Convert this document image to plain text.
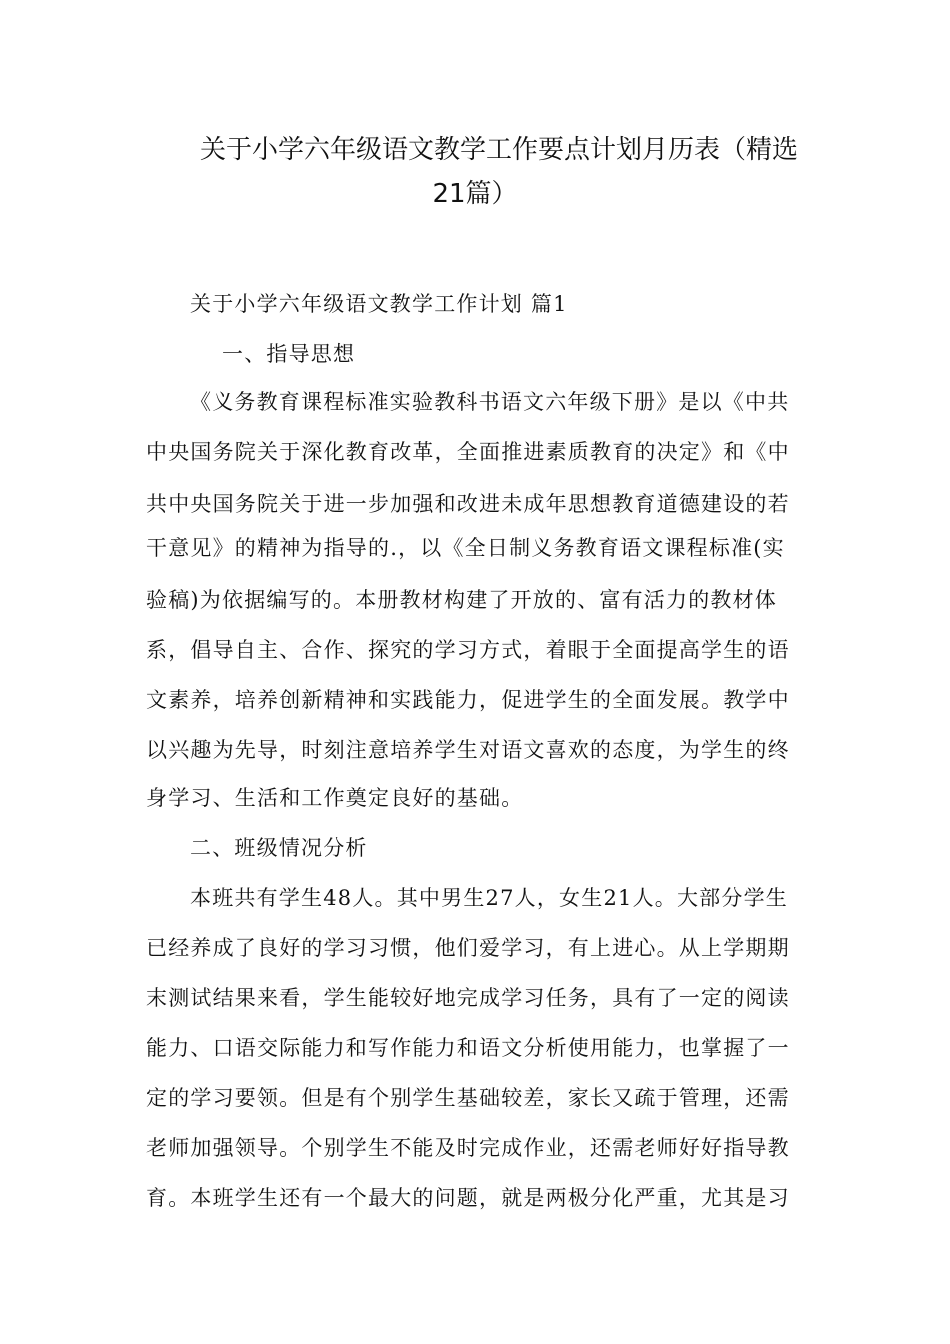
关于小学六年级语文教学工作要点计划月历表（精选
21篇）
关于小学六年级语文教学工作计划 篇1
一、指导思想
《义务教育课程标准实验教科书语文六年级下册》是以《中共
中央国务院关于深化教育改革，全面推进素质教育的决定》和《中
共中央国务院关于进一步加强和改进未成年思想教育道德建设的若
干意见》的精神为指导的.，以《全日制义务教育语文课程标准(实
验稿)为依据编写的。本册教材构建了开放的、富有活力的教材体
系，倡导自主、合作、探究的学习方式，着眼于全面提高学生的语
文素养，培养创新精神和实践能力，促进学生的全面发展。教学中
以兴趣为先导，时刻注意培养学生对语文喜欢的态度，为学生的终
身学习、生活和工作奠定良好的基础。
二、班级情况分析
本班共有学生48人。其中男生27人，女生21人。大部分学生
已经养成了良好的学习习惯，他们爱学习，有上进心。从上学期期
末测试结果来看，学生能较好地完成学习任务，具有了一定的阅读
能力、口语交际能力和写作能力和语文分析使用能力，也掌握了一
定的学习要领。但是有个别学生基础较差，家长又疏于管理，还需
老师加强领导。个别学生不能及时完成作业，还需老师好好指导教
育。本班学生还有一个最大的问题，就是两极分化严重，尤其是习
